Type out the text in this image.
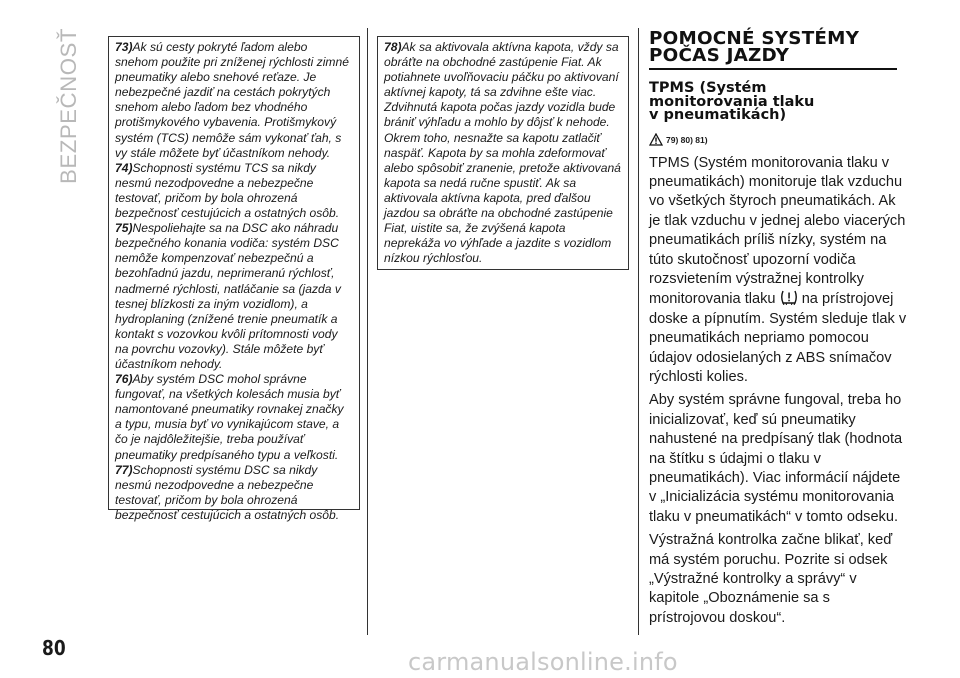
BEZPEČNOSŤ
80

73)Ak sú cesty pokryté ľadom alebo snehom použite pri zníženej rýchlosti zimné pneumatiky alebo snehové reťaze. Je nebezpečné jazdiť na cestách pokrytých snehom alebo ľadom bez vhodného protišmykového vybavenia. Protišmykový systém (TCS) nemôže sám vykonať ťah, s vy stále môžete byť účastníkom nehody.

74)Schopnosti systému TCS sa nikdy nesmú nezodpovedne a nebezpečne testovať, pričom by bola ohrozená bezpečnosť cestujúcich a ostatných osôb.

75)Nespoliehajte sa na DSC ako náhradu bezpečného konania vodiča: systém DSC nemôže kompenzovať nebezpečnú a bezohľadnú jazdu, neprimeranú rýchlosť, nadmerné rýchlosti, natláčanie sa (jazda v tesnej blízkosti za iným vozidlom), a hydroplaning (znížené trenie pneumatík a kontakt s vozovkou kvôli prítomnosti vody na povrchu vozovky). Stále môžete byť účastníkom nehody.

76)Aby systém DSC mohol správne fungovať, na všetkých kolesách musia byť namontované pneumatiky rovnakej značky a typu, musia byť vo vynikajúcom stave, a čo je najdôležitejšie, treba používať pneumatiky predpísaného typu a veľkosti.

77)Schopnosti systému DSC sa nikdy nesmú nezodpovedne a nebezpečne testovať, pričom by bola ohrozená bezpečnosť cestujúcich a ostatných osôb.

78)Ak sa aktivovala aktívna kapota, vždy sa obráťte na obchodné zastúpenie Fiat. Ak potiahnete uvoľňovaciu páčku po aktivovaní aktívnej kapoty, tá sa zdvihne ešte viac. Zdvihnutá kapota počas jazdy vozidla bude brániť výhľadu a mohlo by dôjsť k nehode. Okrem toho, nesnažte sa kapotu zatlačiť naspäť. Kapota by sa mohla zdeformovať alebo spôsobiť zranenie, pretože aktivovaná kapota sa nedá ručne spustiť. Ak sa aktivovala aktívna kapota, pred ďalšou jazdou sa obráťte na obchodné zastúpenie Fiat, uistite sa, že zvýšená kapota neprekáža vo výhľade a jazdite s vozidlom nízkou rýchlosťou.

POMOCNÉ SYSTÉMY
POČAS JAZDY
TPMS (Systém
monitorovania tlaku
v pneumatikách)
79) 80) 81)

TPMS (Systém monitorovania tlaku v pneumatikách) monitoruje tlak vzduchu vo všetkých štyroch pneumatikách. Ak je tlak vzduchu v jednej alebo viacerých pneumatikách príliš nízky, systém na túto skutočnosť upozorní vodiča rozsvietením výstražnej kontrolky monitorovania tlaku na prístrojovej doske a pípnutím. Systém sleduje tlak v pneumatikách nepriamo pomocou údajov odosielaných z ABS snímačov rýchlosti kolies.

Aby systém správne fungoval, treba ho inicializovať, keď sú pneumatiky nahustené na predpísaný tlak (hodnota na štítku s údajmi o tlaku v pneumatikách). Viac informácií nájdete v „Inicializácia systému monitorovania tlaku v pneumatikách“ v tomto odseku.

Výstražná kontrolka začne blikať, keď má systém poruchu. Pozrite si odsek „Výstražné kontrolky a správy“ v kapitole „Oboznámenie sa s prístrojovou doskou“.

carmanualsonline.info
